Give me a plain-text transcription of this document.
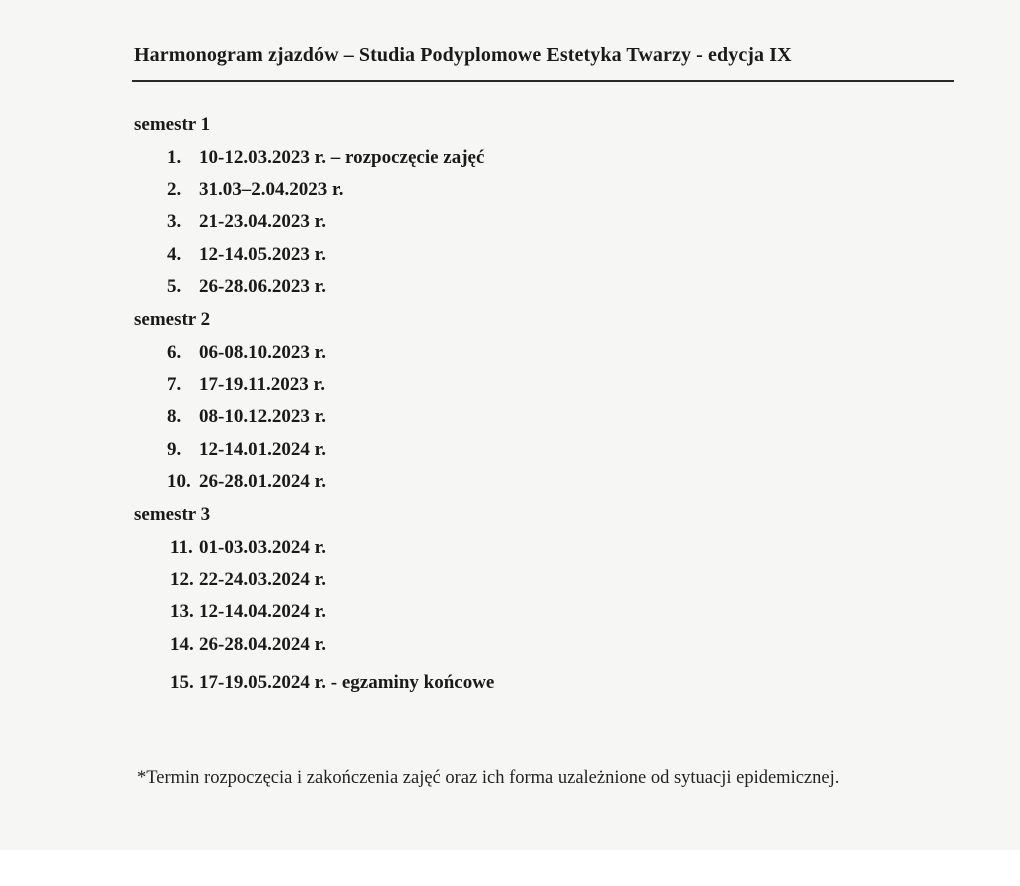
Harmonogram zjazdów – Studia Podyplomowe Estetyka Twarzy - edycja IX
semestr 1
1. 10-12.03.2023 r. – rozpoczęcie zajęć
2. 31.03–2.04.2023 r.
3. 21-23.04.2023 r.
4. 12-14.05.2023 r.
5. 26-28.06.2023 r.
semestr 2
6. 06-08.10.2023 r.
7. 17-19.11.2023 r.
8. 08-10.12.2023 r.
9. 12-14.01.2024 r.
10. 26-28.01.2024 r.
semestr 3
11. 01-03.03.2024 r.
12. 22-24.03.2024 r.
13. 12-14.04.2024 r.
14. 26-28.04.2024 r.
15. 17-19.05.2024 r. - egzaminy końcowe
*Termin rozpoczęcia i zakończenia zajęć oraz ich forma uzależnione od sytuacji epidemicznej.
